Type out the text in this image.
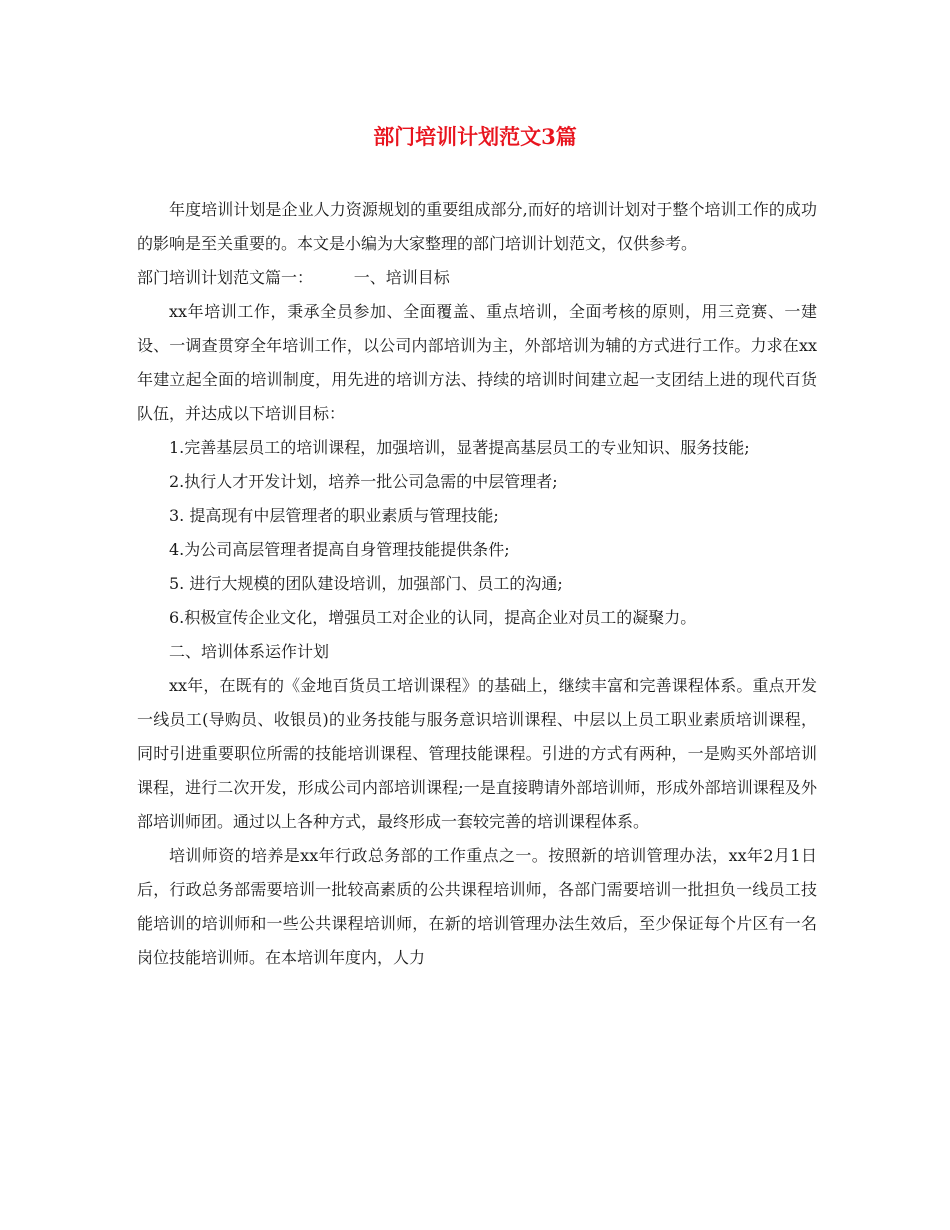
部门培训计划范文3篇

年度培训计划是企业人力资源规划的重要组成部分,而好的培训计划对于整个培训工作的成功的影响是至关重要的。本文是小编为大家整理的部门培训计划范文，仅供参考。

部门培训计划范文篇一：        一、培训目标

xx年培训工作，秉承全员参加、全面覆盖、重点培训，全面考核的原则，用三竞赛、一建设、一调查贯穿全年培训工作，以公司内部培训为主，外部培训为辅的方式进行工作。力求在xx年建立起全面的培训制度，用先进的培训方法、持续的培训时间建立起一支团结上进的现代百货队伍，并达成以下培训目标：

1.完善基层员工的培训课程，加强培训，显著提高基层员工的专业知识、服务技能;

2.执行人才开发计划，培养一批公司急需的中层管理者;

3. 提高现有中层管理者的职业素质与管理技能;

4.为公司高层管理者提高自身管理技能提供条件;

5. 进行大规模的团队建设培训，加强部门、员工的沟通;

6.积极宣传企业文化，增强员工对企业的认同，提高企业对员工的凝聚力。

二、培训体系运作计划

xx年，在既有的《金地百货员工培训课程》的基础上，继续丰富和完善课程体系。重点开发一线员工(导购员、收银员)的业务技能与服务意识培训课程、中层以上员工职业素质培训课程，同时引进重要职位所需的技能培训课程、管理技能课程。引进的方式有两种，一是购买外部培训课程，进行二次开发，形成公司内部培训课程;一是直接聘请外部培训师，形成外部培训课程及外部培训师团。通过以上各种方式，最终形成一套较完善的培训课程体系。

培训师资的培养是xx年行政总务部的工作重点之一。按照新的培训管理办法，xx年2月1日后，行政总务部需要培训一批较高素质的公共课程培训师，各部门需要培训一批担负一线员工技能培训的培训师和一些公共课程培训师，在新的培训管理办法生效后，至少保证每个片区有一名岗位技能培训师。在本培训年度内，人力
